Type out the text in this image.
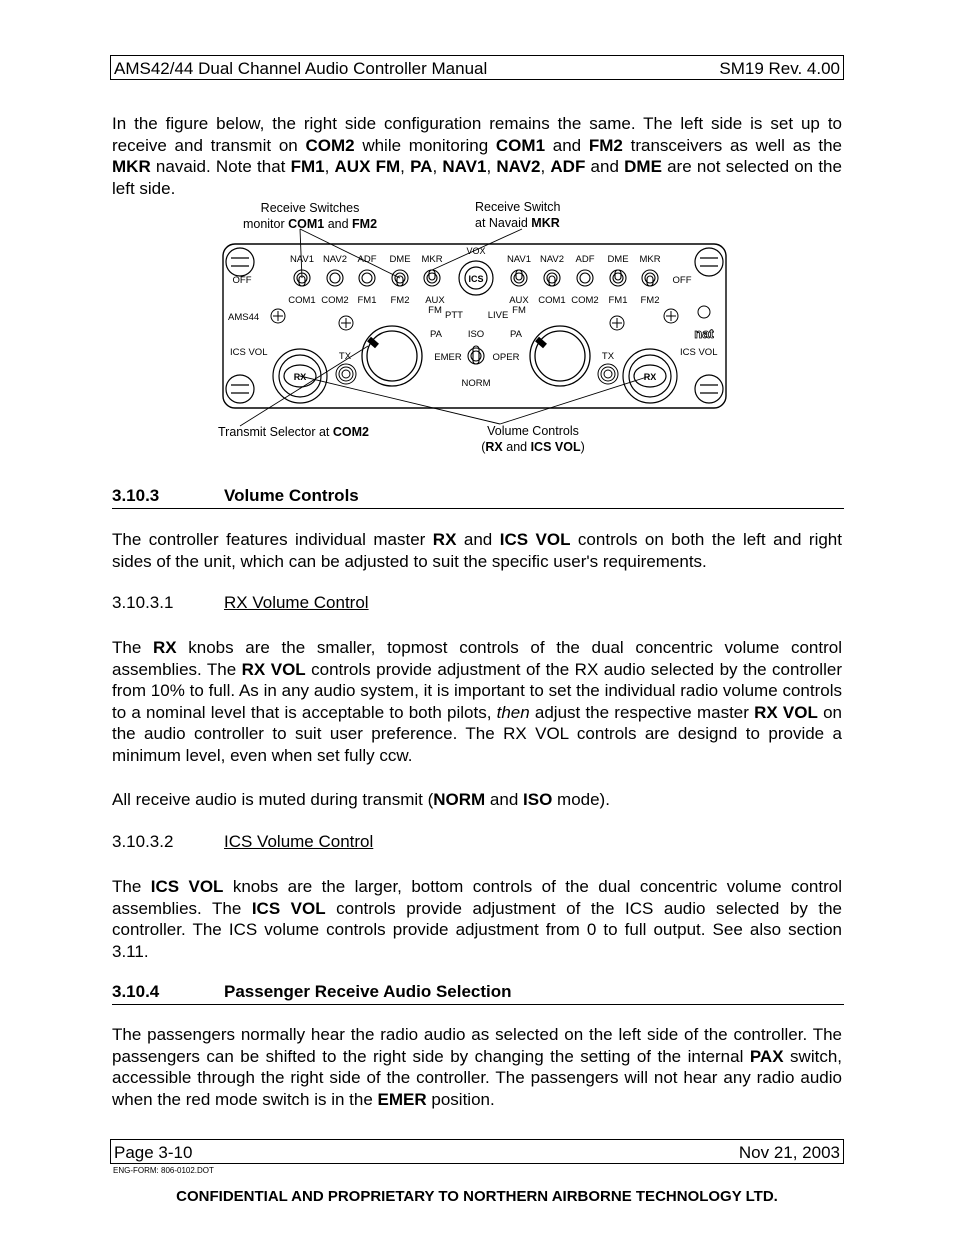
AMS42/44 Dual Channel Audio Controller Manual	SM19 Rev. 4.00
In the figure below, the right side configuration remains the same. The left side is set up to receive and transmit on COM2 while monitoring COM1 and FM2 transceivers as well as the MKR navaid. Note that FM1, AUX FM, PA, NAV1, NAV2, ADF and DME are not selected on the left side.
Receive Switches
monitor COM1 and FM2
Receive Switch
at Navaid MKR
Transmit Selector at COM2	Volume Controls
(RX and ICS VOL)
OFF
NAV1 NAV2 ADF DME MKR	NAV1 NAV2 ADF DME MKR
OFF
COM1 COM2 FM1 FM2 AUX
FM
AUX
FM
COM1 COM2 FM1 FM2
VOX
ICS
PTT	LIVE
PA	ISO	PA
EMER	OPER
NORM
AMS44
nat
ICS VOL	ICS VOL
TX	TX
RX	RX
3.10.3	Volume Controls
The controller features individual master RX and ICS VOL controls on both the left and right sides of the unit, which can be adjusted to suit the specific user's requirements.
3.10.3.1	RX Volume Control
The RX knobs are the smaller, topmost controls of the dual concentric volume control assemblies. The RX VOL controls provide adjustment of the RX audio selected by the controller from 10% to full. As in any audio system, it is important to set the individual radio volume controls to a nominal level that is acceptable to both pilots, then adjust the respective master RX VOL on the audio controller to suit user preference. The RX VOL controls are designd to provide a minimum level, even when set fully ccw.
All receive audio is muted during transmit (NORM and ISO mode).
3.10.3.2	ICS Volume Control
The ICS VOL knobs are the larger, bottom controls of the dual concentric volume control assemblies. The ICS VOL controls provide adjustment of the ICS audio selected by the controller. The ICS volume controls provide adjustment from 0 to full output. See also section 3.11.
3.10.4	Passenger Receive Audio Selection
The passengers normally hear the radio audio as selected on the left side of the controller. The passengers can be shifted to the right side by changing the setting of the internal PAX switch, accessible through the right side of the controller. The passengers will not hear any radio audio when the red mode switch is in the EMER position.
Page 3-10	Nov 21, 2003
ENG-FORM: 806-0102.DOT
CONFIDENTIAL AND PROPRIETARY TO NORTHERN AIRBORNE TECHNOLOGY LTD.
